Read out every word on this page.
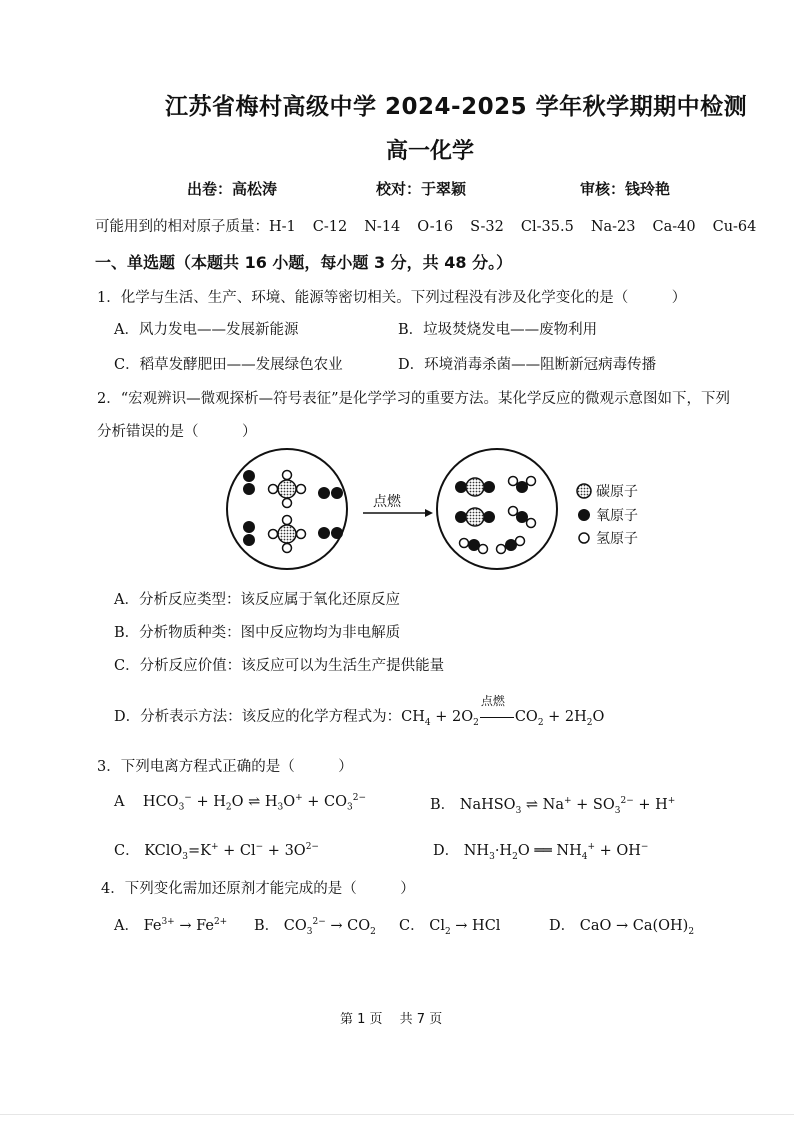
江苏省梅村高级中学 2024-2025 学年秋学期期中检测
高一化学
出卷：高松涛	校对：于翠颖	审核：钱玲艳
可能用到的相对原子质量：H-1 C-12 N-14 O-16 S-32 Cl-35.5 Na-23 Ca-40 Cu-64
一、单选题（本题共 16 小题，每小题 3 分，共 48 分。）
1．化学与生活、生产、环境、能源等密切相关。下列过程没有涉及化学变化的是（　　　）
A．风力发电——发展新能源	B．垃圾焚烧发电——废物利用
C．稻草发酵肥田——发展绿色农业	D．环境消毒杀菌——阻断新冠病毒传播
2．“宏观辨识—微观探析—符号表征”是化学学习的重要方法。某化学反应的微观示意图如下，下列
分析错误的是（　　　）
点燃
碳原子
氧原子
氢原子
A．分析反应类型：该反应属于氧化还原反应
B．分析物质种类：图中反应物均为非电解质
C．分析反应价值：该反应可以为生活生产提供能量
D．分析表示方法：该反应的化学方程式为：$CH_4 + 2O_2$
点燃
$CO_2 + 2H_2O$
3．下列电离方程式正确的是（　　　）
A    $HCO_3^- + H_2O$ ⇌ $H_3O^+ + CO_3^{2-}$	B． NaHSO$_3$ ⇌ $Na^+ + SO_3^{2-} + H^+$
C． KClO$_3$=K+ + $Cl^- + 3O^{2-}$	D． $NH_3\cdot H_2O$ ══ $NH_4^+ + OH^-$
4．下列变化需加还原剂才能完成的是（　　　）
A． $Fe^{3+} \to Fe^{2+}$ B． $CO_3^{2-} \to CO_2$ C． $Cl_2$ → HCl	D． CaO → $Ca(OH)_2$
第 1 页　 共 7 页
